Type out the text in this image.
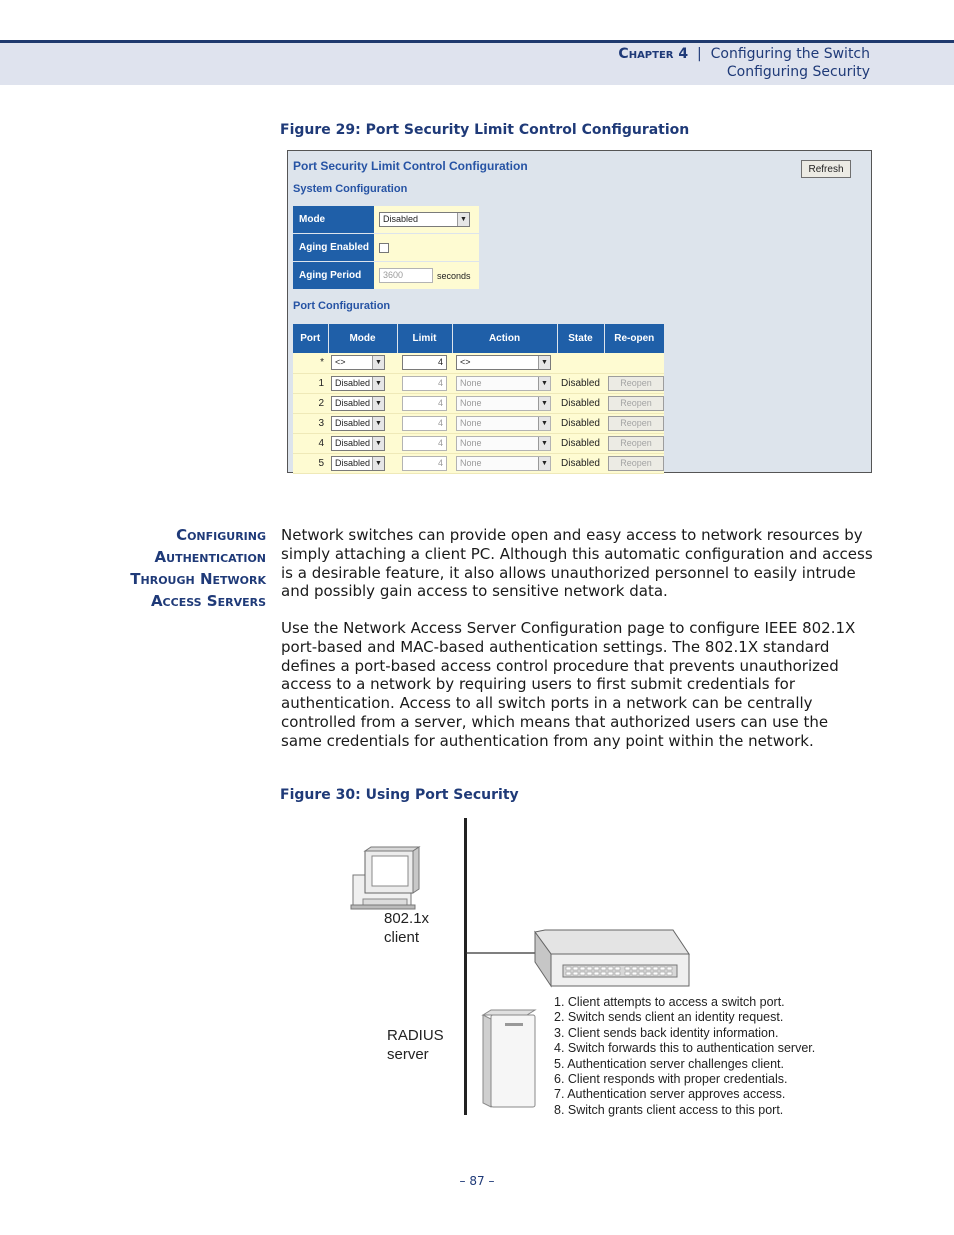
Chapter 4 | Configuring the Switch
Configuring Security
Figure 29: Port Security Limit Control Configuration
Port Security Limit Control Configuration	Refresh
System Configuration
Mode	Disabled	▼
Aging Enabled
Aging Period	3600	seconds
Port Configuration
Port	Mode	Limit	Action	State	Re-open
*	<> ▼	4	<> ▼		

1	Disabled ▼	4	None ▼	Disabled	Reopen

2	Disabled ▼	4	None ▼	Disabled	Reopen

3	Disabled ▼	4	None ▼	Disabled	Reopen

4	Disabled ▼	4	None ▼	Disabled	Reopen

5	Disabled ▼	4	None ▼	Disabled	Reopen
Configuring
Authentication
Through Network
Access Servers

Network switches can provide open and easy access to network resources by simply attaching a client PC. Although this automatic configuration and access is a desirable feature, it also allows unauthorized personnel to easily intrude and possibly gain access to sensitive network data.

Use the Network Access Server Configuration page to configure IEEE 802.1X port-based and MAC-based authentication settings. The 802.1X standard defines a port-based access control procedure that prevents unauthorized access to a network by requiring users to first submit credentials for authentication. Access to all switch ports in a network can be centrally controlled from a server, which means that authorized users can use the same credentials for authentication from any point within the network.

Figure 30: Using Port Security
802.1x
client
RADIUS
server
1. Client attempts to access a switch port.
2. Switch sends client an identity request.
3. Client sends back identity information.
4. Switch forwards this to authentication server.
5. Authentication server challenges client.
6. Client responds with proper credentials.
7. Authentication server approves access.
8. Switch grants client access to this port.
– 87 –
